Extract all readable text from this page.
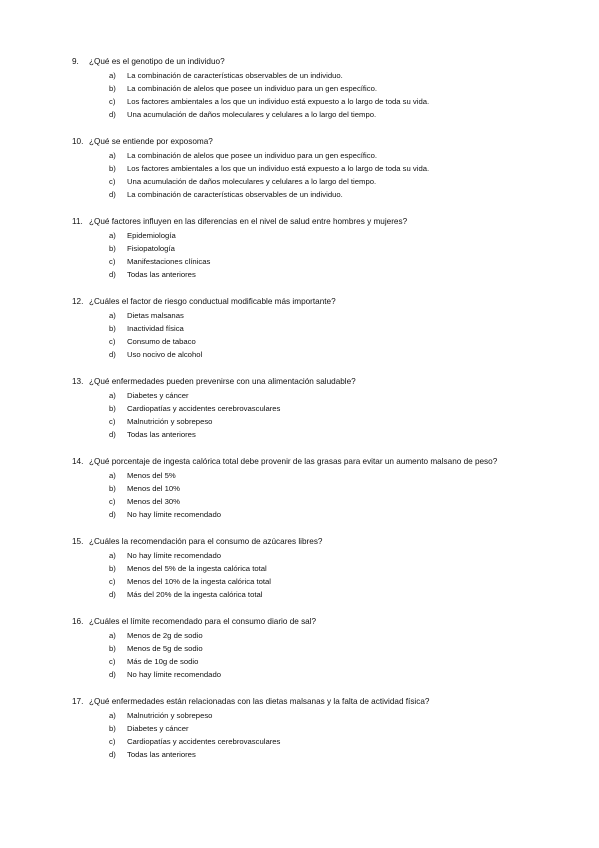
9.	¿Qué es el genotipo de un individuo?
a)	La combinación de características observables de un individuo.
b)	La combinación de alelos que posee un individuo para un gen específico.
c)	Los factores ambientales a los que un individuo está expuesto a lo largo de toda su vida.
d)	Una acumulación de daños moleculares y celulares a lo largo del tiempo.
10. ¿Qué se entiende por exposoma?
a)	La combinación de alelos que posee un individuo para un gen específico.
b)	Los factores ambientales a los que un individuo está expuesto a lo largo de toda su vida.
c)	Una acumulación de daños moleculares y celulares a lo largo del tiempo.
d)	La combinación de características observables de un individuo.
11. ¿Qué factores influyen en las diferencias en el nivel de salud entre hombres y mujeres?
a)	Epidemiología
b)	Fisiopatología
c)	Manifestaciones clínicas
d)	Todas las anteriores
12. ¿Cuáles el factor de riesgo conductual modificable más importante?
a)	Dietas malsanas
b)	Inactividad física
c)	Consumo de tabaco
d)	Uso nocivo de alcohol
13. ¿Qué enfermedades pueden prevenirse con una alimentación saludable?
a)	Diabetes y cáncer
b)	Cardiopatías y accidentes cerebrovasculares
c)	Malnutrición y sobrepeso
d)	Todas las anteriores
14. ¿Qué porcentaje de ingesta calórica total debe provenir de las grasas para evitar un aumento malsano de peso?
a)	Menos del 5%
b)	Menos del 10%
c)	Menos del 30%
d)	No hay límite recomendado
15. ¿Cuáles la recomendación para el consumo de azúcares libres?
a)	No hay límite recomendado
b)	Menos del 5% de la ingesta calórica total
c)	Menos del 10% de la ingesta calórica total
d)	Más del 20% de la ingesta calórica total
16. ¿Cuáles el límite recomendado para el consumo diario de sal?
a)	Menos de 2g de sodio
b)	Menos de 5g de sodio
c)	Más de 10g de sodio
d)	No hay límite recomendado
17. ¿Qué enfermedades están relacionadas con las dietas malsanas y la falta de actividad física?
a)	Malnutrición y sobrepeso
b)	Diabetes y cáncer
c)	Cardiopatías y accidentes cerebrovasculares
d)	Todas las anteriores
